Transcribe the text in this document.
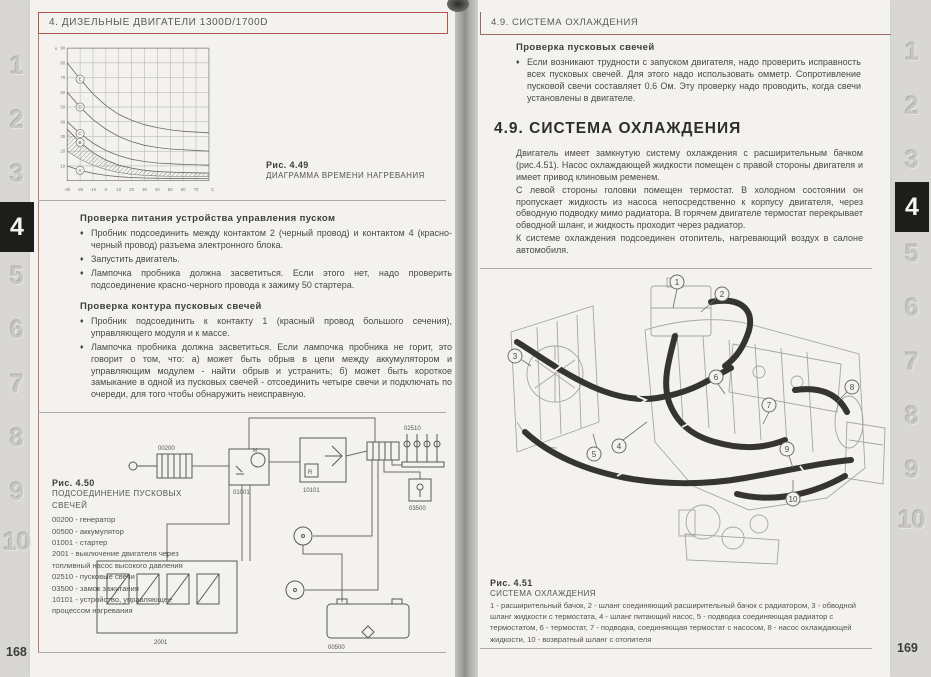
4. ДИЗЕЛЬНЫЕ ДВИГАТЕЛИ 1300D/1700D
-30 -20 -10 0 10 20 30 40 50 60 70
10
20
30
40
50
60
70
80
90
C
s
E
D
C
B
A
Рис. 4.49
ДИАГРАММА ВРЕМЕНИ НАГРЕВАНИЯ
Проверка питания устройства управления пуском
♦ Пробник подсоединить между контактом 2 (черный провод) и контактом 4 (красно-черный провод) разъема электронного блока.
♦ Запустить двигатель.
♦ Лампочка пробника должна засветиться. Если этого нет, надо проверить подсоединение красно-черного провода к зажиму 50 стартера.
Проверка контура пусковых свечей
♦ Пробник подсоединить к контакту 1 (красный провод большого сечения), управляющего модуля и к массе.
♦ Лампочка пробника должна засветиться. Если лампочка пробника не горит, это говорит о том, что: а) может быть обрыв в цепи между аккумулятором и управляющим модулем - найти обрыв и устранить; б) может быть короткое замыкание в одной из пусковых свечей - отсоединить четыре свечи и подключать по очереди, для того чтобы обнаружить неисправную.
Рис. 4.50
ПОДСОЕДИНЕНИЕ ПУСКОВЫХ СВЕЧЕЙ
00200 - генератор
00500 - аккумулятор
01001 - стартер
2001 - выключение двигателя через топливный насос высокого давления
02510 - пусковые свечи
03500 - замок зажигания
10101 - устройство, управляющее процессом нагревания
00200
01001	10101
02510
03500
00500
2001
M
R
4.9. СИСТЕМА ОХЛАЖДЕНИЯ
Проверка пусковых свечей
♦ Если возникают трудности с запуском двигателя, надо проверить исправность всех пусковых свечей. Для этого надо использовать омметр. Сопротивление пусковой свечи составляет 0.6 Ом. Эту проверку надо проводить, когда свечи установлены в двигателе.
4.9. СИСТЕМА ОХЛАЖДЕНИЯ

Двигатель имеет замкнутую систему охлаждения с расширительным бачком (рис.4.51). Насос охлаждающей жидкости помещен с правой стороны двигателя и имеет привод клиновым ременем.

С левой стороны головки помещен термостат. В холодном состоянии он пропускает жидкость из насоса непосредственно к корпусу двигателя, через обводную подводку мимо радиатора. В горячем двигателе термостат перекрывает обводной шланг, и жидкость проходит через радиатор.

К системе охлаждения подсоединен отопитель, нагревающий воздух в салоне автомобиля.

1
2
3
4
5
6
7
8
9
10
Рис. 4.51
СИСТЕМА ОХЛАЖДЕНИЯ
1 - расширительный бачок, 2 - шланг соединяющий расширительный бачок с радиатором, 3 - обводной шланг жидкости с термостата, 4 - шланг питающий насос, 5 - подводка соединяющая радиатор с термостатом, 6 - термостат, 7 - подводка, соединяющая термостат с насосом, 8 - насос охлаждающей жидкости, 10 - возвратный шланг с отопителя
168	169
1
2
3
4
5
6
7
8
9
10
1
2
3
4
5
6
7
8
9
10
